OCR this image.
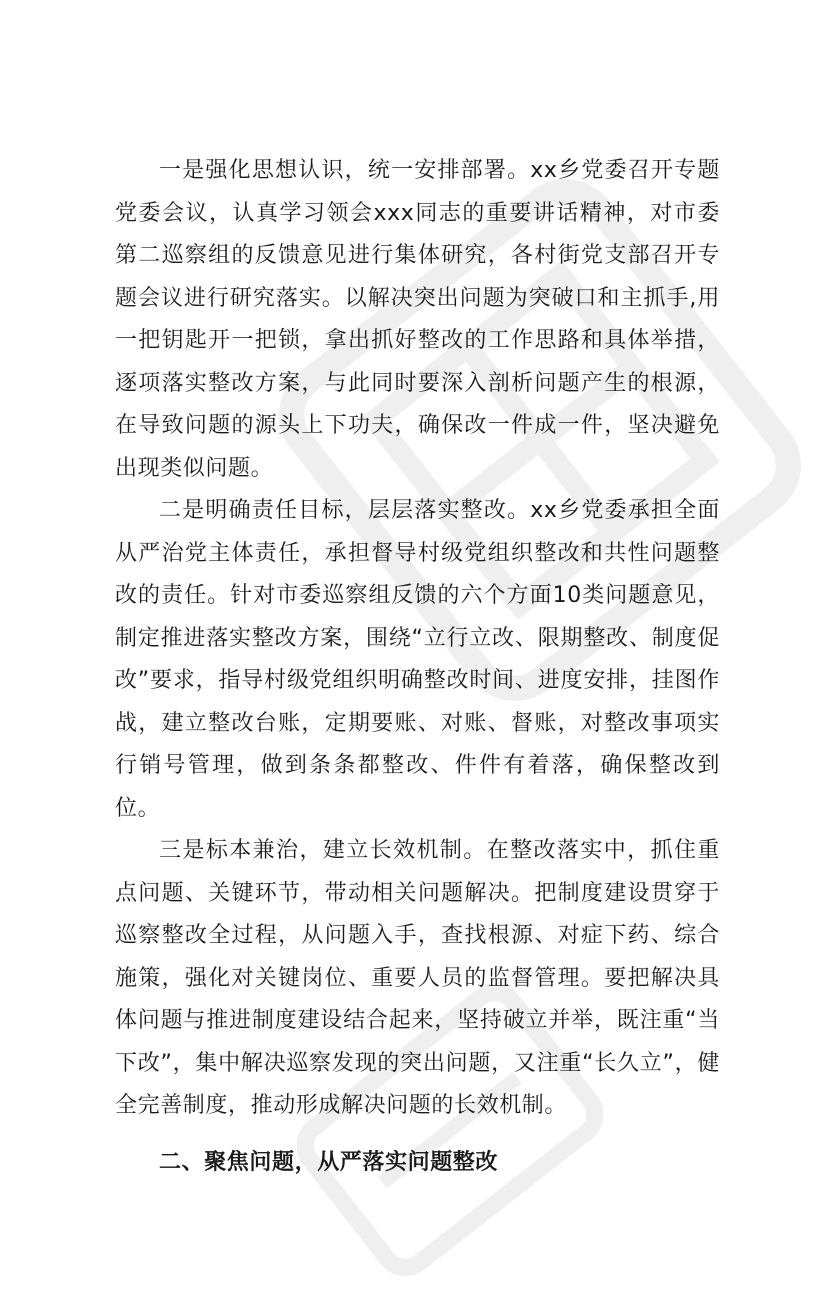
一是强化思想认识，统一安排部署。xx乡党委召开专题党委会议，认真学习领会xxx同志的重要讲话精神，对市委第二巡察组的反馈意见进行集体研究，各村街党支部召开专题会议进行研究落实。以解决突出问题为突破口和主抓手,用一把钥匙开一把锁，拿出抓好整改的工作思路和具体举措，逐项落实整改方案，与此同时要深入剖析问题产生的根源，在导致问题的源头上下功夫，确保改一件成一件，坚决避免出现类似问题。

二是明确责任目标，层层落实整改。xx乡党委承担全面从严治党主体责任，承担督导村级党组织整改和共性问题整改的责任。针对市委巡察组反馈的六个方面10类问题意见，制定推进落实整改方案，围绕“立行立改、限期整改、制度促改”要求，指导村级党组织明确整改时间、进度安排，挂图作战，建立整改台账，定期要账、对账、督账，对整改事项实行销号管理，做到条条都整改、件件有着落，确保整改到位。

三是标本兼治，建立长效机制。在整改落实中，抓住重点问题、关键环节，带动相关问题解决。把制度建设贯穿于巡察整改全过程，从问题入手，查找根源、对症下药、综合施策，强化对关键岗位、重要人员的监督管理。要把解决具体问题与推进制度建设结合起来，坚持破立并举，既注重“当下改”，集中解决巡察发现的突出问题，又注重“长久立”，健全完善制度，推动形成解决问题的长效机制。

二、聚焦问题，从严落实问题整改
